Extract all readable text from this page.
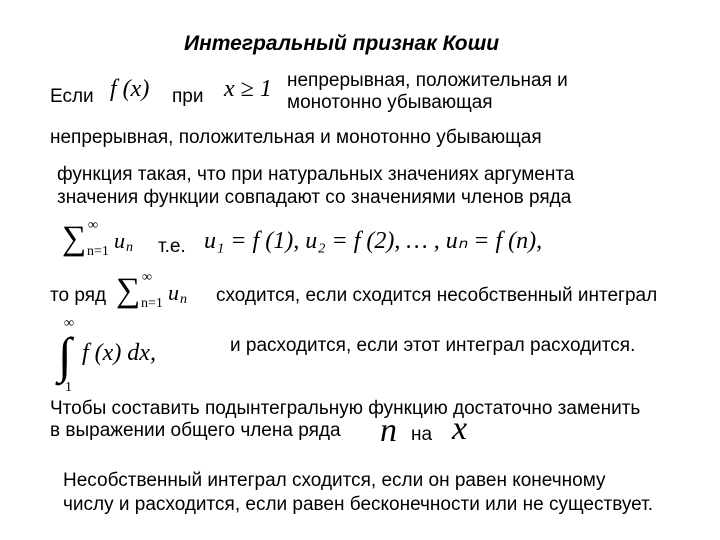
Интегральный признак Коши
Если f (x) при x ≥ 1 непрерывная, положительная и
монотонно убывающая
непрерывная, положительная и монотонно убывающая
функция такая, что при натуральных значениях аргумента
значения функции совпадают со значениями членов ряда
∑ ∞
n=1 u n т.е. u₁ = f (1), u₂ = f (2), … , uₙ = f (n),
то ряд ∑ ∞
n=1 u n сходится, если сходится несобственный интеграл
∞
∫
1
f (x) dx,	и расходится, если этот интеграл расходится.
Чтобы составить подынтегральную функцию достаточно заменить
в выражении общего члена ряда n на x
Несобственный интеграл сходится, если он равен конечному
числу и расходится, если равен бесконечности или не существует.
